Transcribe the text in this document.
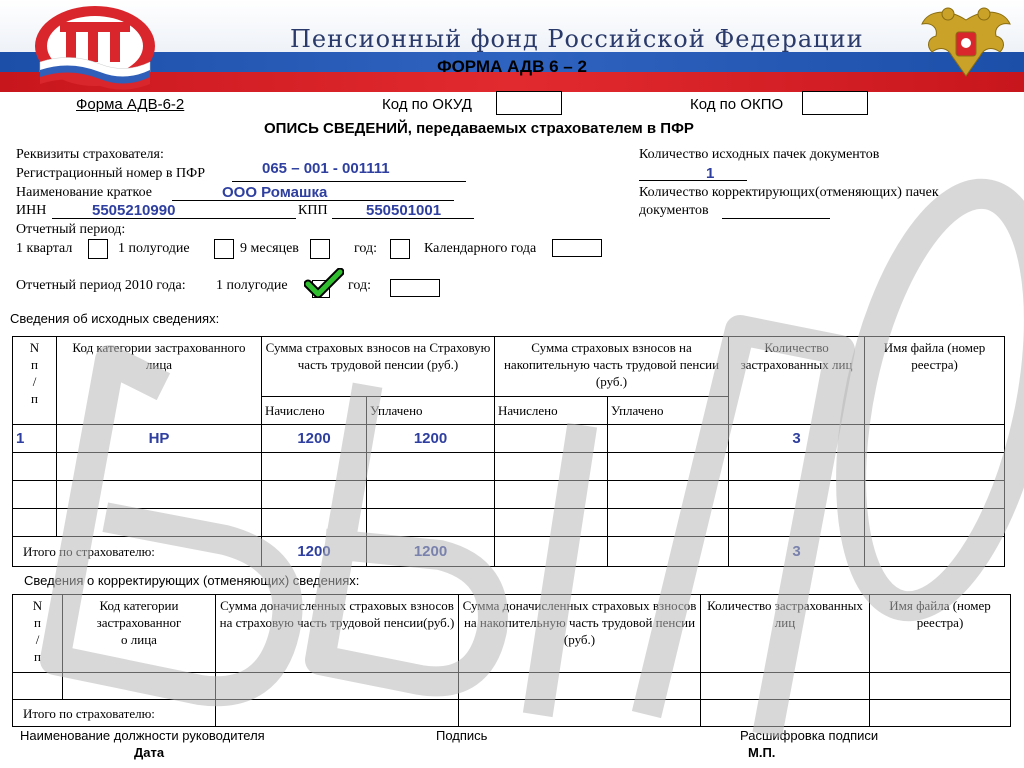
Пенсионный фонд Российской Федерации
ФОРМА АДВ 6 – 2
Форма АДВ-6-2	Код по ОКУД	Код по ОКПО
ОПИСЬ СВЕДЕНИЙ, передаваемых страхователем в ПФР
Реквизиты страхователя:
Регистрационный номер в ПФР	065 – 001 - 001111
Наименование краткое	ООО Ромашка
ИНН	5505210990	КПП	550501001
Количество исходных пачек документов
1
Количество корректирующих(отменяющих) пачек
документов
Отчетный период:
1 квартал	1 полугодие	9 месяцев	год:	Календарного года
Отчетный период 2010 года: 1 полугодие	год:
Сведения об исходных сведениях:
N
п
/
п	Код категории застрахованного лица	Сумма страховых взносов на Страховую часть трудовой пенсии (руб.)		Сумма страховых взносов на накопительную часть трудовой пенсии (руб.)		Количество застрахованных лиц	Имя файла (номер реестра)
		Начислено	Уплачено	Начислено	Уплачено		
1	НР	1200	1200			3	

Итого по страхователю:		1200	1200			3	
Сведения о корректирующих (отменяющих) сведениях:
N
п
/
п	Код категории
застрахованног
о лица	Сумма доначисленных страховых взносов на страховую часть трудовой пенсии(руб.)	Сумма доначисленных страховых взносов на накопительную часть трудовой пенсии (руб.)	Количество застрахованных лиц	Имя файла (номер реестра)

Итого по страхователю:					
Наименование должности руководителя	Подпись	Расшифровка подписи
Дата	М.П.
